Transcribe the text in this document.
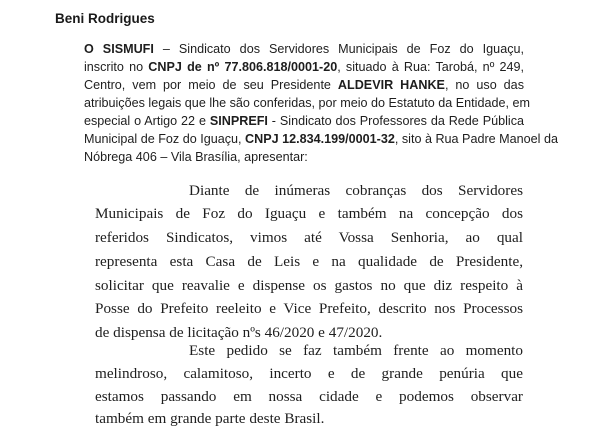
Beni Rodrigues
O SISMUFI – Sindicato dos Servidores Municipais de Foz do Iguaçu,
inscrito no CNPJ de nº 77.806.818/0001-20, situado à Rua: Tarobá, nº 249,
Centro, vem por meio de seu Presidente ALDEVIR HANKE, no uso das
atribuições legais que lhe são conferidas, por meio do Estatuto da Entidade, em
especial o Artigo 22 e SINPREFI - Sindicato dos Professores da Rede Pública
Municipal de Foz do Iguaçu, CNPJ 12.834.199/0001-32, sito à Rua Padre Manoel da
Nóbrega 406 – Vila Brasília, apresentar:
Diante de inúmeras cobranças dos Servidores
Municipais de Foz do Iguaçu e também na concepção dos
referidos Sindicatos, vimos até Vossa Senhoria, ao qual
representa esta Casa de Leis e na qualidade de Presidente,
solicitar que reavalie e dispense os gastos no que diz respeito à
Posse do Prefeito reeleito e Vice Prefeito, descrito nos Processos
de dispensa de licitação nºs 46/2020 e 47/2020.
Este pedido se faz também frente ao momento
melindroso, calamitoso, incerto e de grande penúria que
estamos passando em nossa cidade e podemos observar
também em grande parte deste Brasil.
